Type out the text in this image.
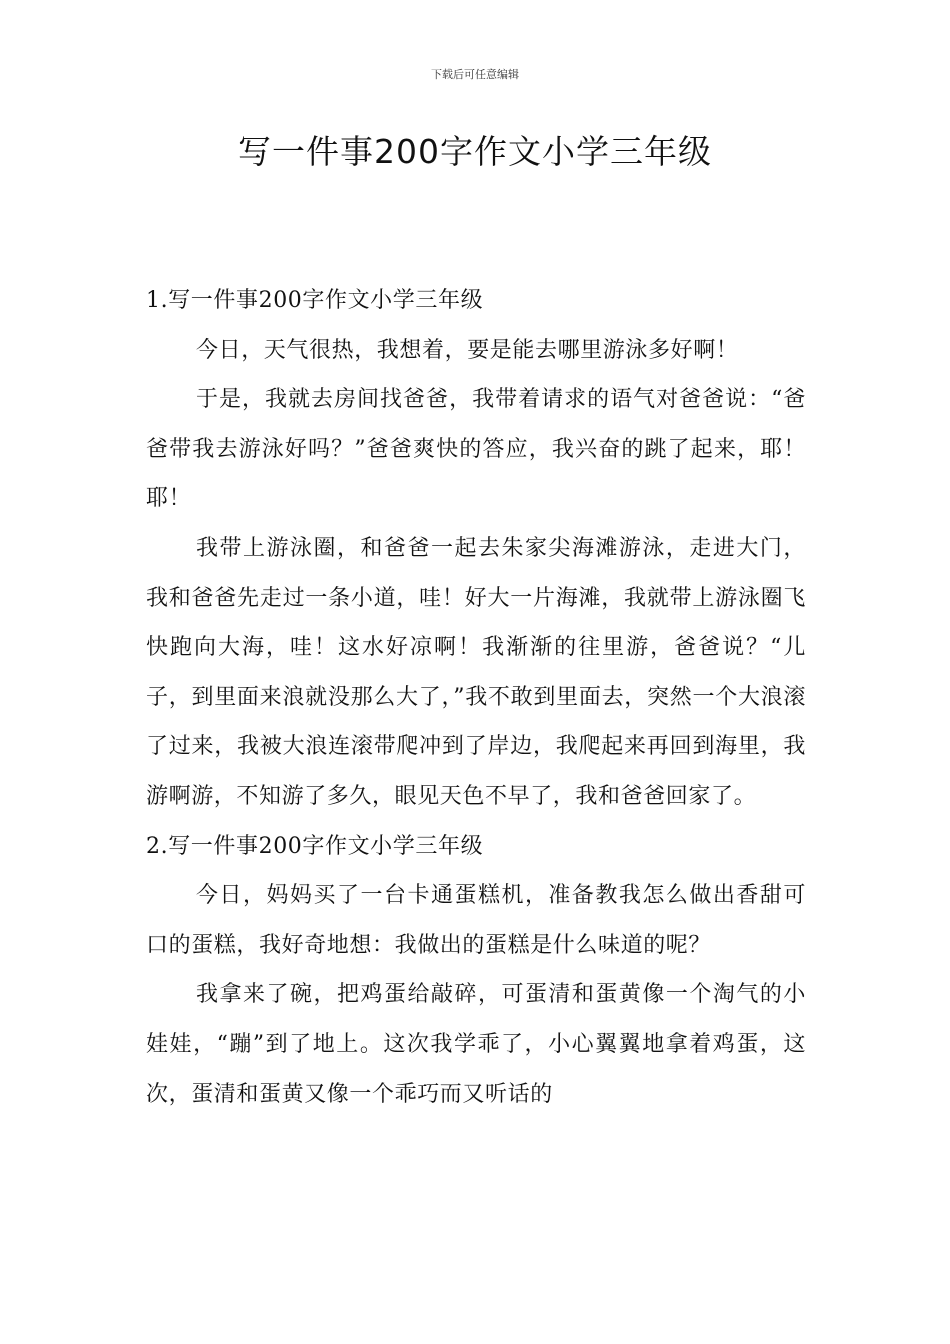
下载后可任意编辑
写一件事200字作文小学三年级

1.写一件事200字作文小学三年级

今日，天气很热，我想着，要是能去哪里游泳多好啊！

于是，我就去房间找爸爸，我带着请求的语气对爸爸说：“爸爸带我去游泳好吗？”爸爸爽快的答应，我兴奋的跳了起来，耶！耶！

我带上游泳圈，和爸爸一起去朱家尖海滩游泳，走进大门，我和爸爸先走过一条小道，哇！好大一片海滩，我就带上游泳圈飞快跑向大海，哇！这水好凉啊！我渐渐的往里游，爸爸说？“儿子，到里面来浪就没那么大了，”我不敢到里面去，突然一个大浪滚了过来，我被大浪连滚带爬冲到了岸边，我爬起来再回到海里，我游啊游，不知游了多久，眼见天色不早了，我和爸爸回家了。

2.写一件事200字作文小学三年级

今日，妈妈买了一台卡通蛋糕机，准备教我怎么做出香甜可口的蛋糕，我好奇地想：我做出的蛋糕是什么味道的呢？

我拿来了碗，把鸡蛋给敲碎，可蛋清和蛋黄像一个淘气的小娃娃，“蹦”到了地上。这次我学乖了，小心翼翼地拿着鸡蛋，这次，蛋清和蛋黄又像一个乖巧而又听话的
